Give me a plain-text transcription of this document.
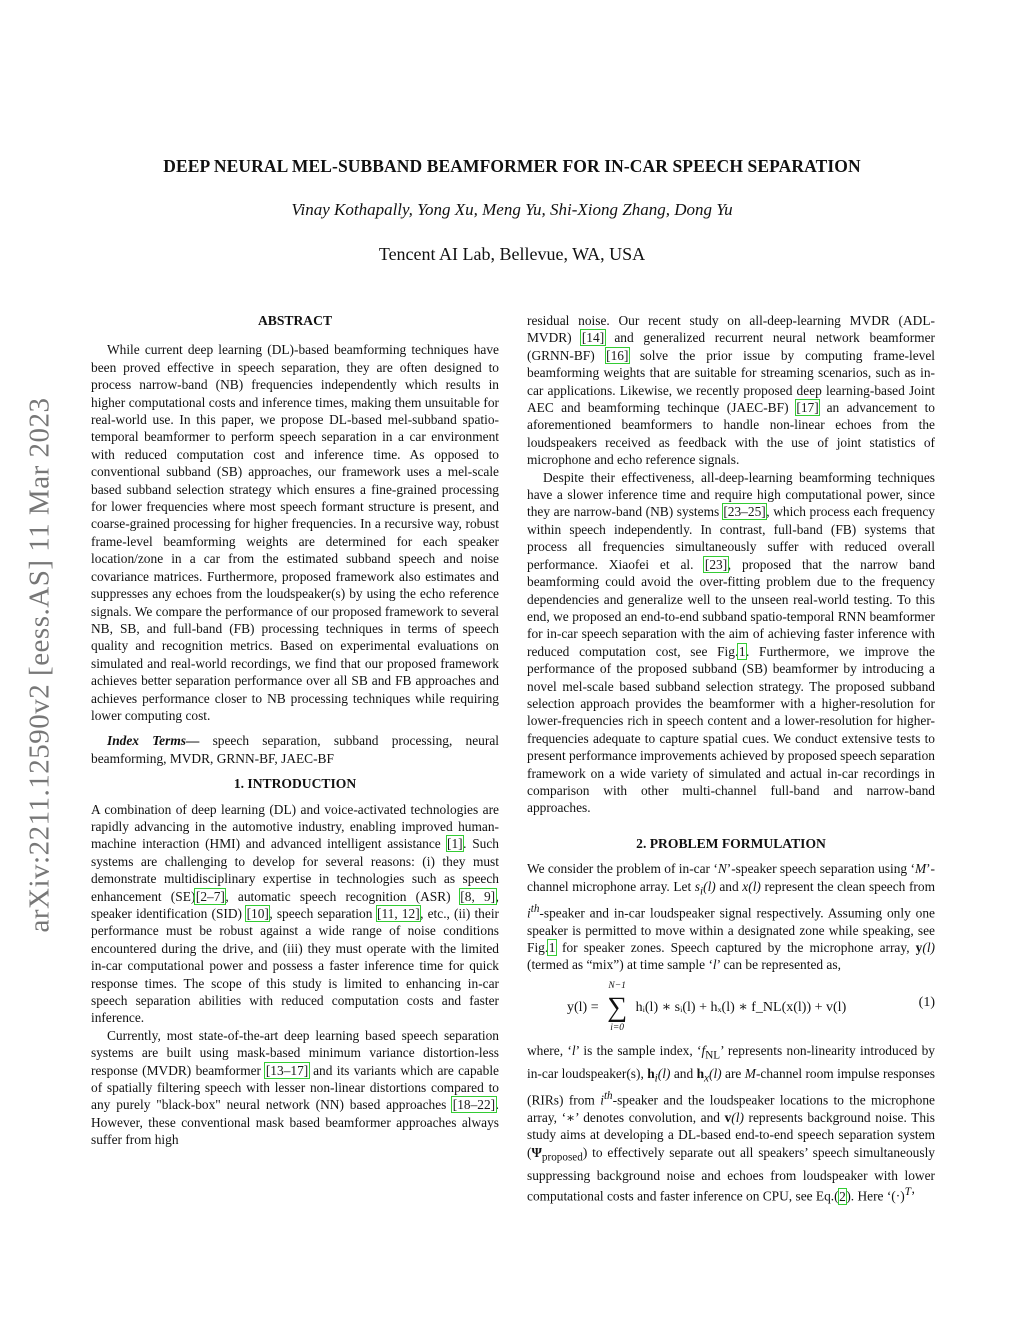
DEEP NEURAL MEL-SUBBAND BEAMFORMER FOR IN-CAR SPEECH SEPARATION
Vinay Kothapally, Yong Xu, Meng Yu, Shi-Xiong Zhang, Dong Yu
Tencent AI Lab, Bellevue, WA, USA
arXiv:2211.12590v2 [eess.AS] 11 Mar 2023
ABSTRACT

While current deep learning (DL)-based beamforming techniques have been proved effective in speech separation, they are often designed to process narrow-band (NB) frequencies independently which results in higher computational costs and inference times, making them unsuitable for real-world use. In this paper, we propose DL-based mel-subband spatio-temporal beamformer to perform speech separation in a car environment with reduced computation cost and inference time. As opposed to conventional subband (SB) approaches, our framework uses a mel-scale based subband selection strategy which ensures a fine-grained processing for lower frequencies where most speech formant structure is present, and coarse-grained processing for higher frequencies. In a recursive way, robust frame-level beamforming weights are determined for each speaker location/zone in a car from the estimated subband speech and noise covariance matrices. Furthermore, proposed framework also estimates and suppresses any echoes from the loudspeaker(s) by using the echo reference signals. We compare the performance of our proposed framework to several NB, SB, and full-band (FB) processing techniques in terms of speech quality and recognition metrics. Based on experimental evaluations on simulated and real-world recordings, we find that our proposed framework achieves better separation performance over all SB and FB approaches and achieves performance closer to NB processing techniques while requiring lower computing cost.

Index Terms— speech separation, subband processing, neural beamforming, MVDR, GRNN-BF, JAEC-BF

1. INTRODUCTION

A combination of deep learning (DL) and voice-activated technologies are rapidly advancing in the automotive industry, enabling improved human-machine interaction (HMI) and advanced intelligent assistance [1]. Such systems are challenging to develop for several reasons: (i) they must demonstrate multidisciplinary expertise in technologies such as speech enhancement (SE)[2–7], automatic speech recognition (ASR) [8, 9], speaker identification (SID) [10], speech separation [11, 12], etc., (ii) their performance must be robust against a wide range of noise conditions encountered during the drive, and (iii) they must operate with the limited in-car computational power and possess a faster inference time for quick response times. The scope of this study is limited to enhancing in-car speech separation abilities with reduced computation costs and faster inference.

Currently, most state-of-the-art deep learning based speech separation systems are built using mask-based minimum variance distortion-less response (MVDR) beamformer [13–17] and its variants which are capable of spatially filtering speech with lesser non-linear distortions compared to any purely "black-box" neural network (NN) based approaches [18–22]. However, these conventional mask based beamformer approaches always suffer from high

residual noise. Our recent study on all-deep-learning MVDR (ADL-MVDR) [14] and generalized recurrent neural network beamformer (GRNN-BF) [16] solve the prior issue by computing frame-level beamforming weights that are suitable for streaming scenarios, such as in-car applications. Likewise, we recently proposed deep learning-based Joint AEC and beamforming techinque (JAEC-BF) [17] an advancement to aforementioned beamformers to handle non-linear echoes from the loudspeakers received as feedback with the use of joint statistics of microphone and echo reference signals.

Despite their effectiveness, all-deep-learning beamforming techniques have a slower inference time and require high computational power, since they are narrow-band (NB) systems [23–25], which process each frequency within speech independently. In contrast, full-band (FB) systems that process all frequencies simultaneously suffer with reduced overall performance. Xiaofei et al. [23], proposed that the narrow band beamforming could avoid the over-fitting problem due to the frequency dependencies and generalize well to the unseen real-world testing. To this end, we proposed an end-to-end subband spatio-temporal RNN beamformer for in-car speech separation with the aim of achieving faster inference with reduced computation cost, see Fig.1. Furthermore, we improve the performance of the proposed subband (SB) beamformer by introducing a novel mel-scale based subband selection strategy. The proposed subband selection approach provides the beamformer with a higher-resolution for lower-frequencies rich in speech content and a lower-resolution for higher-frequencies adequate to capture spatial cues. We conduct extensive tests to present performance improvements achieved by proposed speech separation framework on a wide variety of simulated and actual in-car recordings in comparison with other multi-channel full-band and narrow-band approaches.

2. PROBLEM FORMULATION

We consider the problem of in-car ‘N’-speaker speech separation using ‘M’-channel microphone array. Let $s_i(l)$ and x(l) represent the clean speech from $i^{th}$-speaker and in-car loudspeaker signal respectively. Assuming only one speaker is permitted to move within a designated zone while speaking, see Fig.1 for speaker zones. Speech captured by the microphone array, y(l) (termed as “mix”) at time sample ‘l’ can be represented as,

y(l) =
N−1
∑
i=0
hᵢ(l) ∗ sᵢ(l) + hₓ(l) ∗ f_NL(x(l)) + v(l)	(1)

where, ‘l’ is the sample index, ‘$f_{NL}$’ represents non-linearity introduced by in-car loudspeaker(s), $h_i(l)$ and $h_x(l)$ are M-channel room impulse responses (RIRs) from $i^{th}$-speaker and the loudspeaker locations to the microphone array, ‘∗’ denotes convolution, and v(l) represents background noise. This study aims at developing a DL-based end-to-end speech separation system $(\Psi_{proposed})$ to effectively separate out all speakers’ speech simultaneously suppressing background noise and echoes from loudspeaker with lower computational costs and faster inference on CPU, see Eq.(2). Here ‘$(\cdot)^T$’
